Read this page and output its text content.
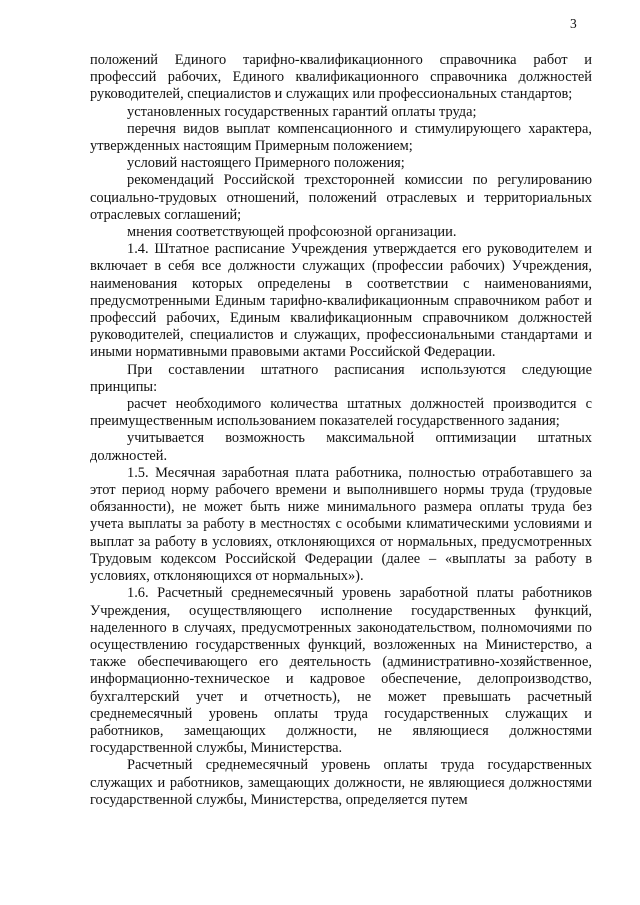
3

положений Единого тарифно-квалификационного справочника работ и профессий рабочих, Единого квалификационного справочника должностей руководителей, специалистов и служащих или профессиональных стандартов;

установленных государственных гарантий оплаты труда;

перечня видов выплат компенсационного и стимулирующего характера, утвержденных настоящим Примерным положением;

условий настоящего Примерного положения;

рекомендаций Российской трехсторонней комиссии по регулированию социально-трудовых отношений, положений отраслевых и территориальных отраслевых соглашений;

мнения соответствующей профсоюзной организации.

1.4. Штатное расписание Учреждения утверждается его руководителем и включает в себя все должности служащих (профессии рабочих) Учреждения, наименования которых определены в соответствии с наименованиями, предусмотренными Единым тарифно-квалификационным справочником работ и профессий рабочих, Единым квалификационным справочником должностей руководителей, специалистов и служащих, профессиональными стандартами и иными нормативными правовыми актами Российской Федерации.

При составлении штатного расписания используются следующие принципы:

расчет необходимого количества штатных должностей производится с преимущественным использованием показателей государственного задания;

учитывается возможность максимальной оптимизации штатных должностей.

1.5. Месячная заработная плата работника, полностью отработавшего за этот период норму рабочего времени и выполнившего нормы труда (трудовые обязанности), не может быть ниже минимального размера оплаты труда без учета выплаты за работу в местностях с особыми климатическими условиями и выплат за работу в условиях, отклоняющихся от нормальных, предусмотренных Трудовым кодексом Российской Федерации (далее – «выплаты за работу в условиях, отклоняющихся от нормальных»).

1.6. Расчетный среднемесячный уровень заработной платы работников Учреждения, осуществляющего исполнение государственных функций, наделенного в случаях, предусмотренных законодательством, полномочиями по осуществлению государственных функций, возложенных на Министерство, а также обеспечивающего его деятельность (административно-хозяйственное, информационно-техническое и кадровое обеспечение, делопроизводство, бухгалтерский учет и отчетность), не может превышать расчетный среднемесячный уровень оплаты труда государственных служащих и работников, замещающих должности, не являющиеся должностями государственной службы, Министерства.

Расчетный среднемесячный уровень оплаты труда государственных служащих и работников, замещающих должности, не являющиеся должностями государственной службы, Министерства, определяется путем
